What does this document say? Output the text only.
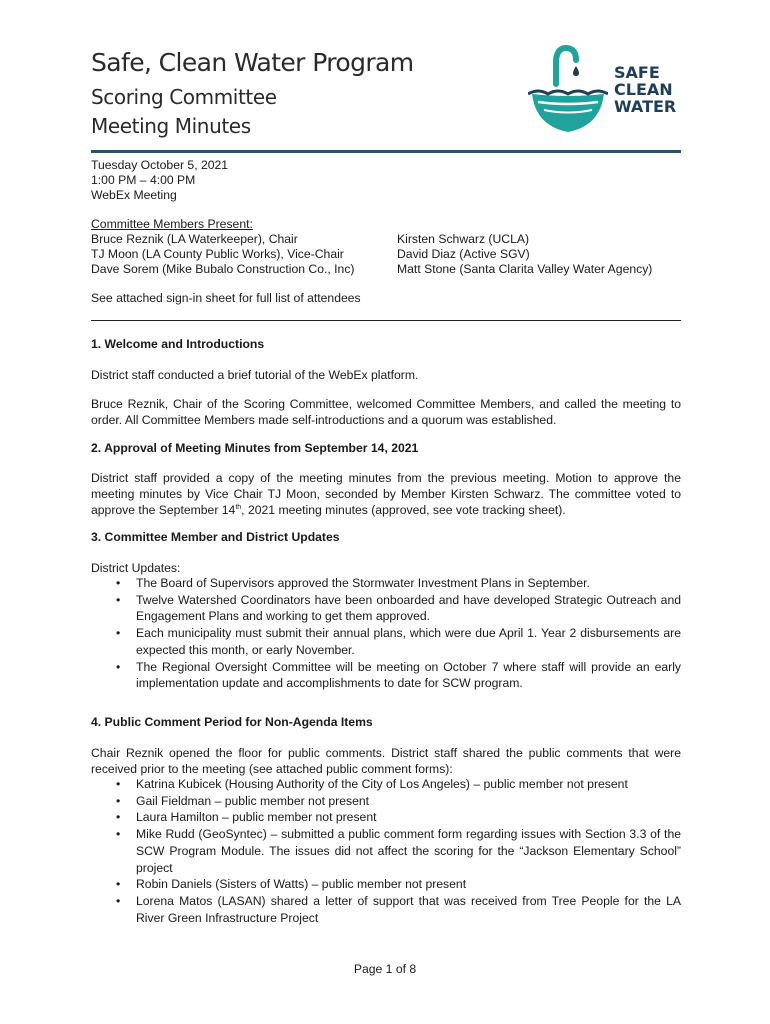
Safe, Clean Water Program
Scoring Committee
Meeting Minutes
SAFE
CLEAN
WATER
Tuesday October 5, 2021
1:00 PM – 4:00 PM
WebEx Meeting
Committee Members Present:
Bruce Reznik (LA Waterkeeper), Chair
TJ Moon (LA County Public Works), Vice-Chair
Dave Sorem (Mike Bubalo Construction Co., Inc)
Kirsten Schwarz (UCLA)
David Diaz (Active SGV)
Matt Stone (Santa Clarita Valley Water Agency)
See attached sign-in sheet for full list of attendees
1. Welcome and Introductions
District staff conducted a brief tutorial of the WebEx platform.
Bruce Reznik, Chair of the Scoring Committee, welcomed Committee Members, and called the meeting to order. All Committee Members made self-introductions and a quorum was established.
2. Approval of Meeting Minutes from September 14, 2021
District staff provided a copy of the meeting minutes from the previous meeting. Motion to approve the meeting minutes by Vice Chair TJ Moon, seconded by Member Kirsten Schwarz. The committee voted to approve the September 14th, 2021 meeting minutes (approved, see vote tracking sheet).
3. Committee Member and District Updates
District Updates:
• The Board of Supervisors approved the Stormwater Investment Plans in September.
• Twelve Watershed Coordinators have been onboarded and have developed Strategic Outreach and Engagement Plans and working to get them approved.
• Each municipality must submit their annual plans, which were due April 1. Year 2 disbursements are expected this month, or early November.
• The Regional Oversight Committee will be meeting on October 7 where staff will provide an early implementation update and accomplishments to date for SCW program.
4. Public Comment Period for Non-Agenda Items
Chair Reznik opened the floor for public comments. District staff shared the public comments that were received prior to the meeting (see attached public comment forms):
• Katrina Kubicek (Housing Authority of the City of Los Angeles) – public member not present
• Gail Fieldman – public member not present
• Laura Hamilton – public member not present
• Mike Rudd (GeoSyntec) – submitted a public comment form regarding issues with Section 3.3 of the SCW Program Module. The issues did not affect the scoring for the “Jackson Elementary School” project
• Robin Daniels (Sisters of Watts) – public member not present
• Lorena Matos (LASAN) shared a letter of support that was received from Tree People for the LA River Green Infrastructure Project
Page 1 of 8
